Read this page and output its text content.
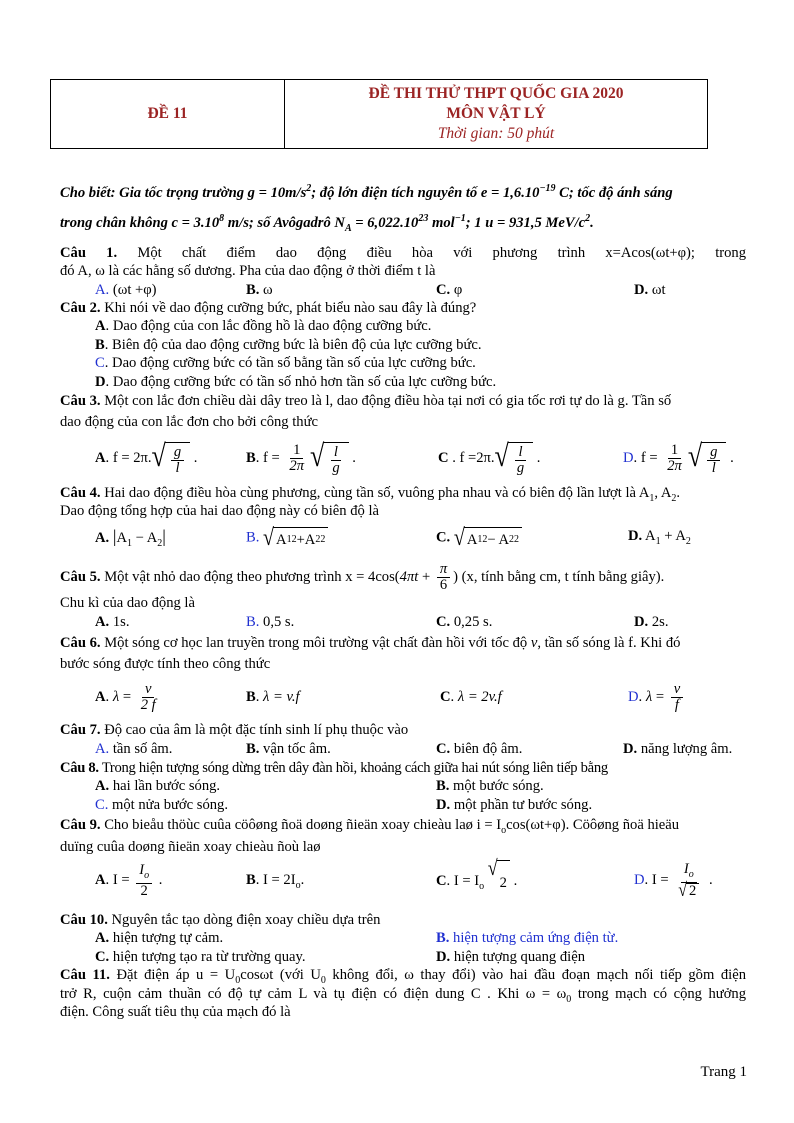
ĐỀ 11
ĐỀ THI THỬ THPT QUỐC GIA 2020
MÔN VẬT LÝ
Thời gian: 50 phút
Cho biết: Gia tốc trọng trường $g = 10m/s^2$; độ lớn điện tích nguyên tố $e = 1,6.10^{-19}$ C; tốc độ ánh sáng
trong chân không $c = 3.10^8$ m/s; số Avôgadrô $N_A = 6,022.10^{23}$ mol$^{-1}$; 1 u = 931,5 MeV/$c^2$.
Câu 1. Một chất điểm dao động điều hòa với phương trình x=Acos(ωt+φ); trong
đó A, ω là các hằng số dương. Pha của dao động ở thời điểm t là
A. (ωt +φ)	B. ω	C. φ	D. ωt
Câu 2. Khi nói về dao động cưỡng bức, phát biểu nào sau đây là đúng?
A. Dao động của con lắc đồng hồ là dao động cưỡng bức.
B. Biên độ của dao động cưỡng bức là biên độ của lực cưỡng bức.
C. Dao động cưỡng bức có tần số bằng tần số của lực cưỡng bức.
D. Dao động cưỡng bức có tần số nhỏ hơn tần số của lực cưỡng bức.
Câu 3. Một con lắc đơn chiều dài dây treo là l, dao động điều hòa tại nơi có gia tốc rơi tự do là g. Tần số
dao động của con lắc đơn cho bởi công thức
A. f = 2π. √ $\frac{g}{l}$ .	B. $f = \frac{1}{2\pi}$ √ $\frac{l}{g}$ .	C . f =2π. √ $\frac{l}{g}$ .	D. $f = \frac{1}{2\pi}$ √ $\frac{g}{l}$ .
Câu 4. Hai dao động điều hòa cùng phương, cùng tần số, vuông pha nhau và có biên độ lần lượt là $A_1$, $A_2$.
Dao động tổng hợp của hai dao động này có biên độ là
A. $|A_1 - A_2|$	B. √ A 1 2 +A 2 2	C. √ A 1 2 − A 2 2	D. $A_1 + A_2$
Câu 5. Một vật nhỏ dao động theo phương trình $x = 4\cos(4\pi t + \frac{\pi}{6}$ ) (x, tính bằng cm, t tính bằng giây).
Chu kì của dao động là
A. 1s.	B. 0,5 s.	C. 0,25 s.	D. 2s.
Câu 6. Một sóng cơ học lan truyền trong môi trường vật chất đàn hồi với tốc độ v, tần số sóng là f. Khi đó
bước sóng được tính theo công thức
A. $\lambda = \frac{v}{2 f}$	B. λ = v.f	C. λ = 2v.f	D. $\lambda = \frac{v}{f}$
Câu 7. Độ cao của âm là một đặc tính sinh lí phụ thuộc vào
A. tần số âm.	B. vận tốc âm.	C. biên độ âm.	D. năng lượng âm.
Câu 8. Trong hiện tượng sóng dừng trên dây đàn hồi, khoảng cách giữa hai nút sóng liên tiếp bằng
A. hai lần bước sóng.	B. một bước sóng.
C. một nửa bước sóng.	D. một phần tư bước sóng.
Câu 9. Cho bieåu thöùc cuûa cöôøng ñoä doøng ñieän xoay chieàu laø $i = I_o\cos(\omega t+\varphi)$. Cöôøng ñoä hieäu
duïng cuûa doøng ñieän xoay chieàu ñoù laø
A. $I = \frac{I_o}{2}$ .	B. $I = 2I_o$.	C. $I = I_o$
√
2 .	D. $I = \frac{I_o}{√ 2}$ .
Câu 10. Nguyên tắc tạo dòng điện xoay chiều dựa trên
A. hiện tượng tự cảm.	B. hiện tượng cảm ứng điện từ.
C. hiện tượng tạo ra từ trường quay.	D. hiện tượng quang điện
Câu 11. Đặt điện áp $u = U_0\cos\omega t$ (với $U_0$ không đổi, ω thay đổi) vào hai đầu đoạn mạch nối tiếp gồm điện
trở R, cuộn cảm thuần có độ tự cảm L và tụ điện có điện dung C . Khi $\omega = \omega_0$ trong mạch có cộng hưởng
điện. Công suất tiêu thụ của mạch đó là
Trang 1
